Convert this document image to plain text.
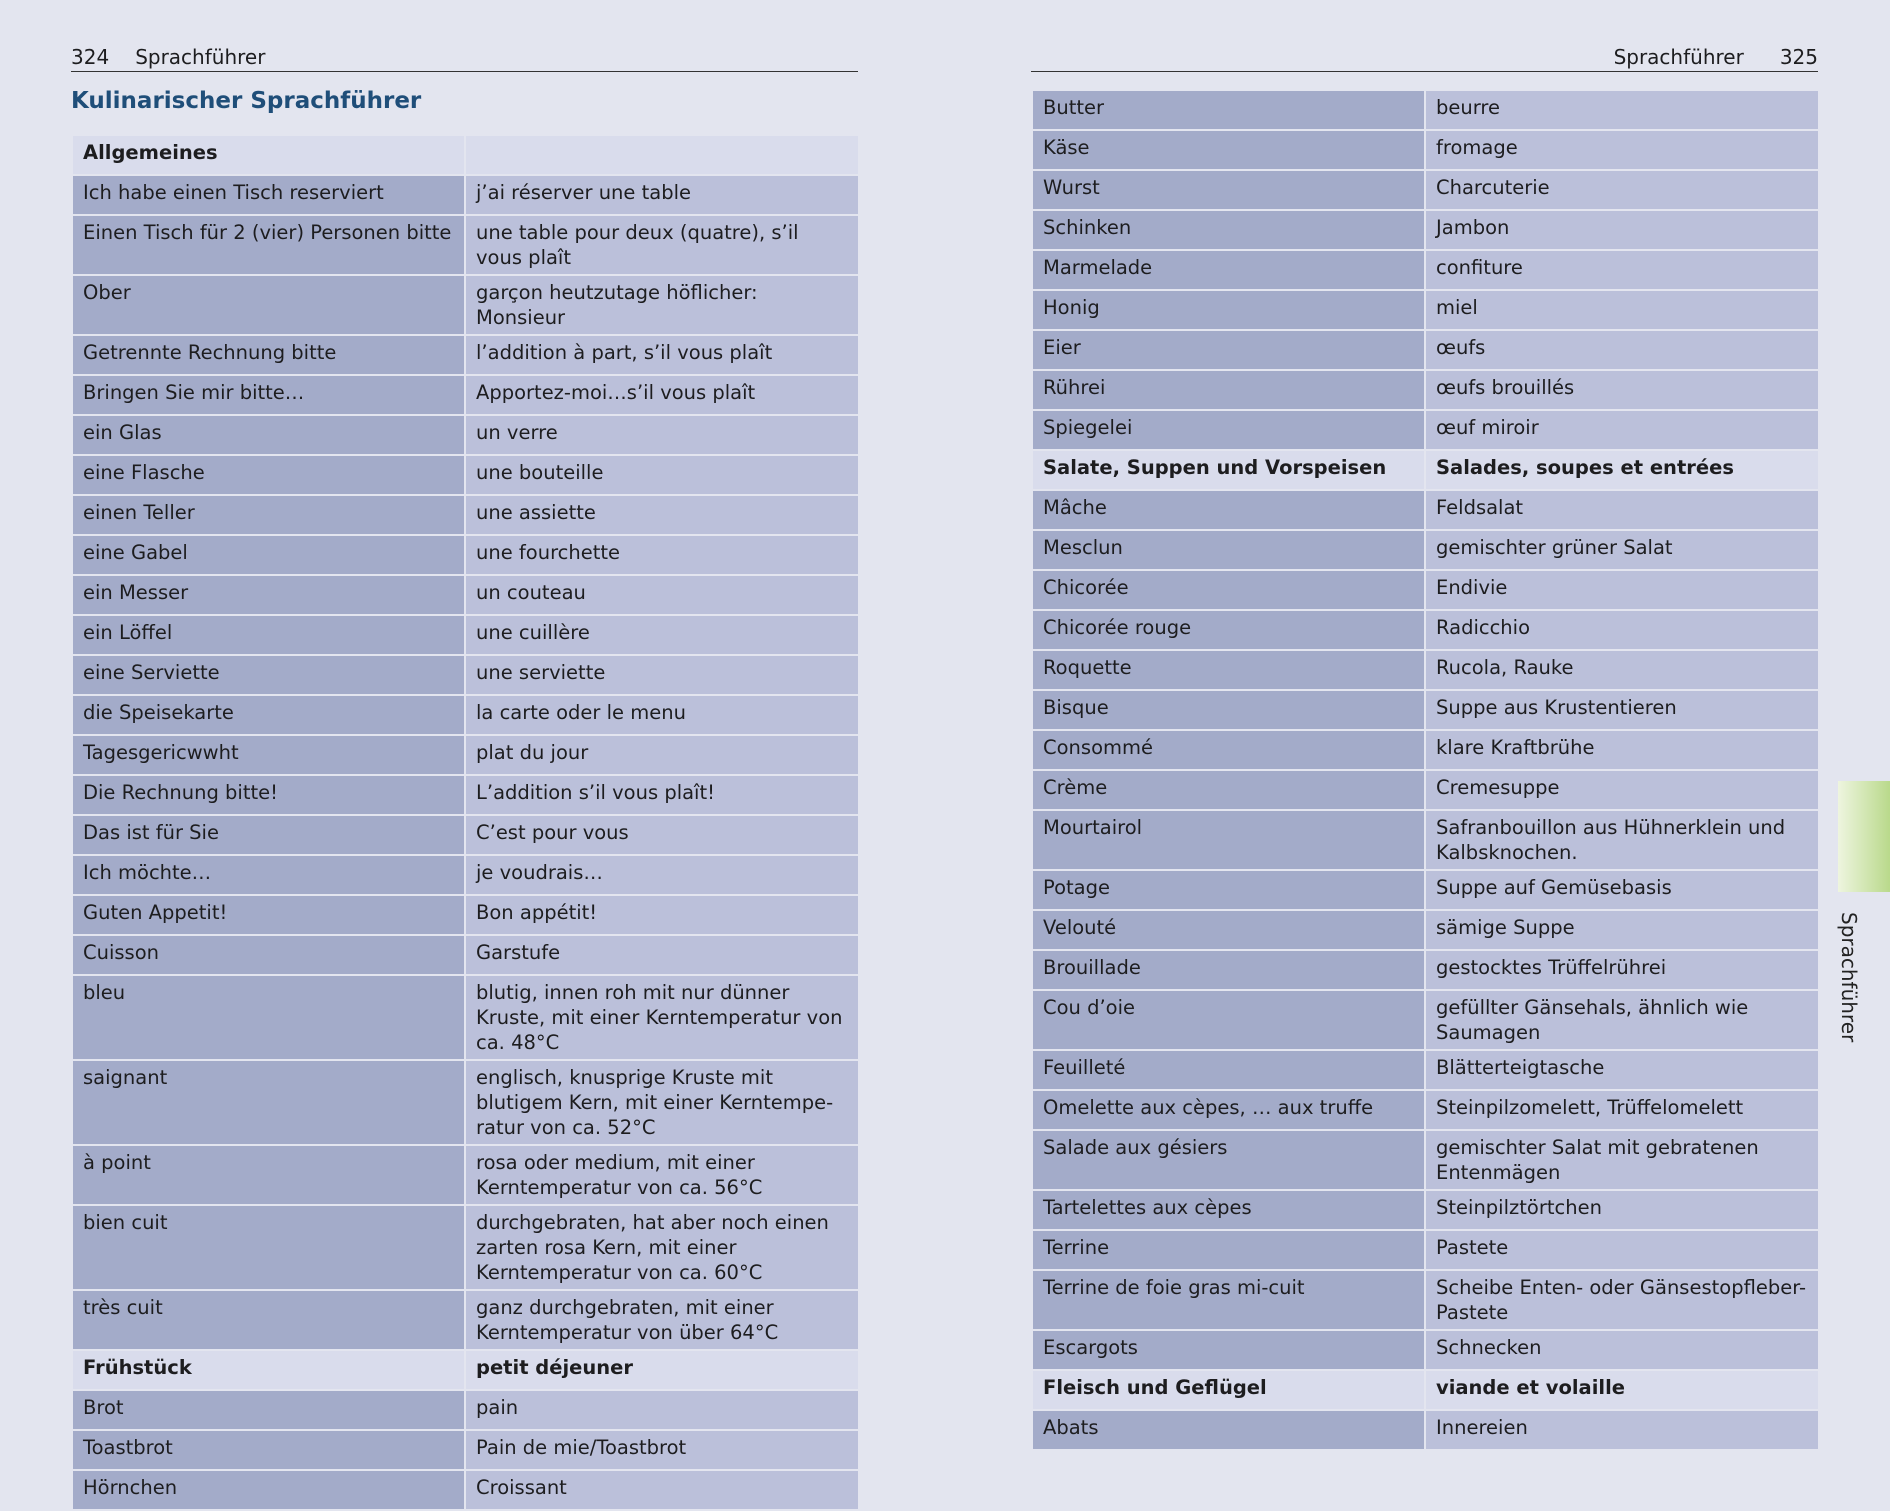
324 Sprachführer
Kulinarischer Sprachführer
Allgemeines	
Ich habe einen Tisch reserviert	j’ai réserver une table
Einen Tisch für 2 (vier) Personen bitte	une table pour deux (quatre), s’il vous plaît
Ober	garçon heutzutage höflicher: Monsieur
Getrennte Rechnung bitte	l’addition à part, s’il vous plaît
Bringen Sie mir bitte…	Apportez-moi…s’il vous plaît
ein Glas	un verre
eine Flasche	une bouteille
einen Teller	une assiette
eine Gabel	une fourchette
ein Messer	un couteau
ein Löffel	une cuillère
eine Serviette	une serviette
die Speisekarte	la carte oder le menu
Tagesgericwwht	plat du jour
Die Rechnung bitte!	L’addition s’il vous plaît!
Das ist für Sie	C’est pour vous
Ich möchte…	je voudrais…
Guten Appetit!	Bon appétit!
Cuisson	Garstufe
bleu	blutig, innen roh mit nur dünner Kruste, mit einer Kerntemperatur von ca. 48°C
saignant	englisch, knusprige Kruste mit blutigem Kern, mit einer Kerntemperatur von ca. 52°C
à point	rosa oder medium, mit einer Kerntemperatur von ca. 56°C
bien cuit	durchgebraten, hat aber noch einen zarten rosa Kern, mit einer Kerntemperatur von ca. 60°C
très cuit	ganz durchgebraten, mit einer Kerntemperatur von über 64°C
Frühstück	petit déjeuner
Brot	pain
Toastbrot	Pain de mie/Toastbrot
Hörnchen	Croissant
Sprachführer 325
Butter	beurre
Käse	fromage
Wurst	Charcuterie
Schinken	Jambon
Marmelade	confiture
Honig	miel
Eier	œufs
Rührei	œufs brouillés
Spiegelei	œuf miroir
Salate, Suppen und Vorspeisen	Salades, soupes et entrées
Mâche	Feldsalat
Mesclun	gemischter grüner Salat
Chicorée	Endivie
Chicorée rouge	Radicchio
Roquette	Rucola, Rauke
Bisque	Suppe aus Krustentieren
Consommé	klare Kraftbrühe
Crème	Cremesuppe
Mourtairol	Safranbouillon aus Hühnerklein und Kalbsknochen.
Potage	Suppe auf Gemüsebasis
Velouté	sämige Suppe
Brouillade	gestocktes Trüffelrührei
Cou d’oie	gefüllter Gänsehals, ähnlich wie Saumagen
Feuilleté	Blätterteigtasche
Omelette aux cèpes, … aux truffe	Steinpilzomelett, Trüffelomelett
Salade aux gésiers	gemischter Salat mit gebratenen Entenmägen
Tartelettes aux cèpes	Steinpilztörtchen
Terrine	Pastete
Terrine de foie gras mi-cuit	Scheibe Enten- oder Gänsestopfleber-Pastete
Escargots	Schnecken
Fleisch und Geflügel	viande et volaille
Abats	Innereien
Sprachführer
